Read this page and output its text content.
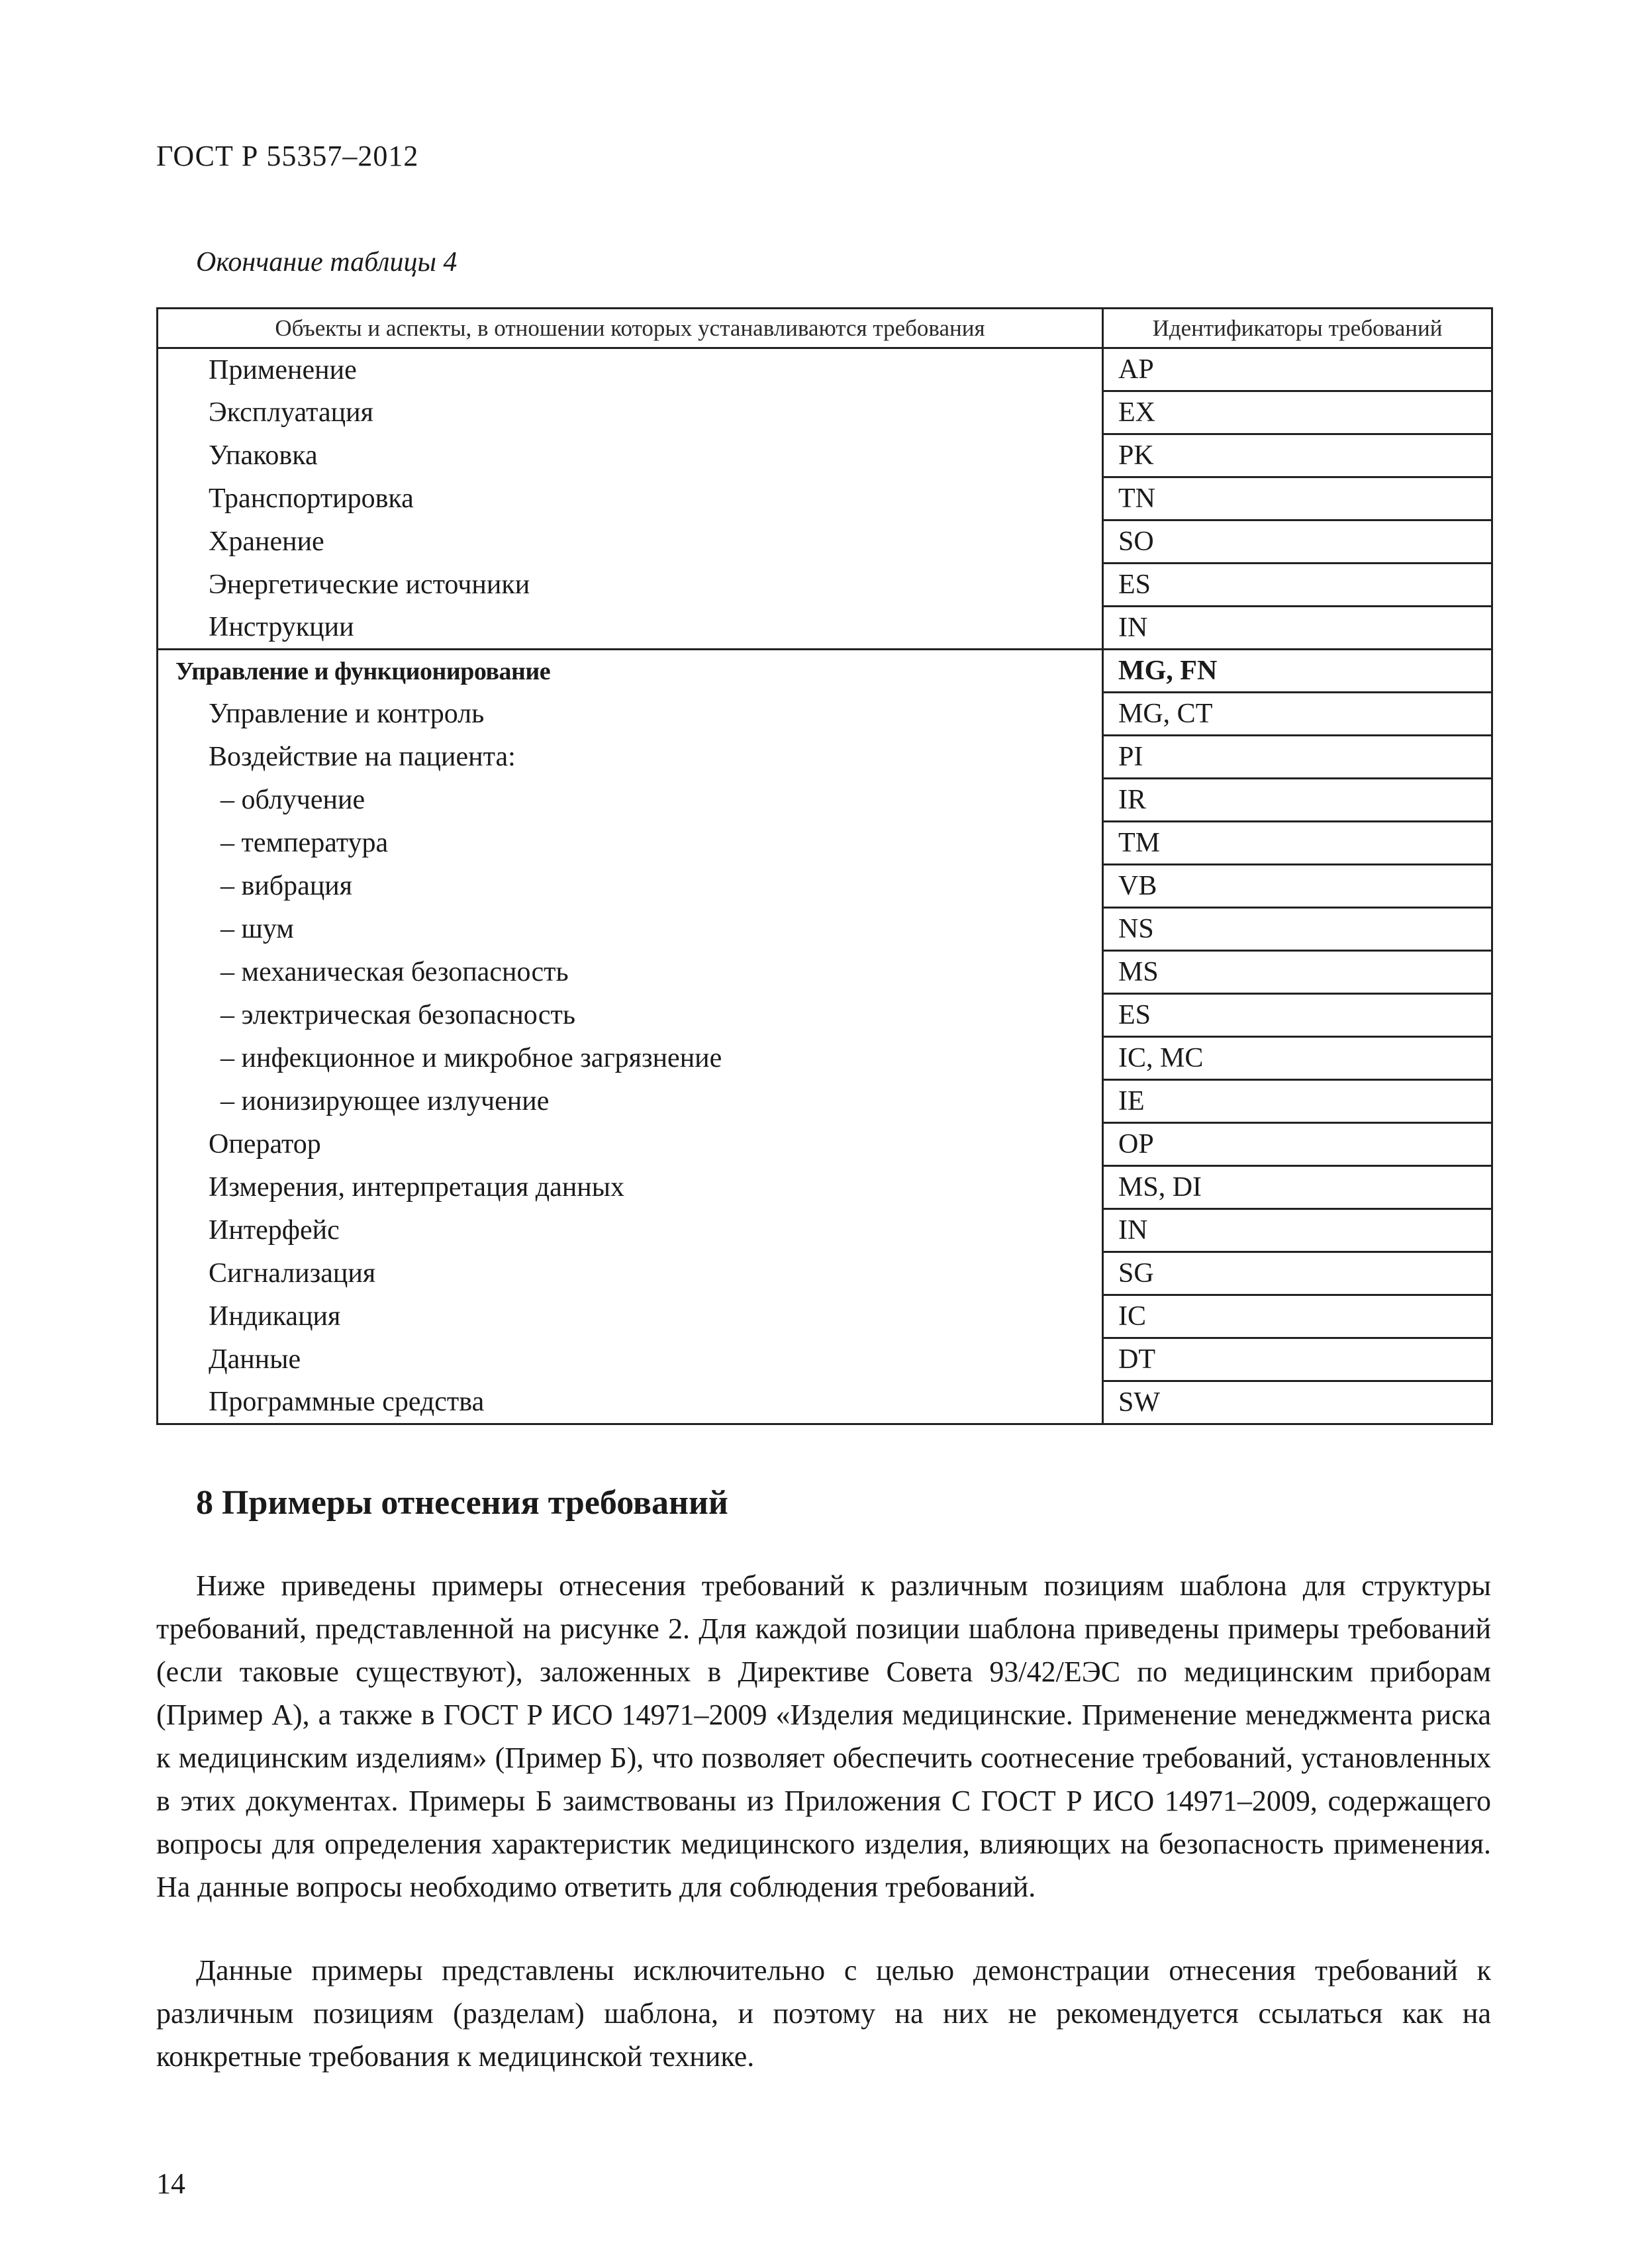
ГОСТ Р 55357–2012
Окончание таблицы 4
Объекты и аспекты, в отношении которых устанавливаются требования	Идентификаторы требований
Применение	AP
Эксплуатация	EX
Упаковка	PK
Транспортировка	TN
Хранение	SO
Энергетические источники	ES
Инструкции	IN
Управление и функционирование	MG, FN
Управление и контроль	MG, CT
Воздействие на пациента:	PI
– облучение	IR
– температура	TM
– вибрация	VB
– шум	NS
– механическая безопасность	MS
– электрическая безопасность	ES
– инфекционное и микробное загрязнение	IC, MC
– ионизирующее излучение	IE
Оператор	OP
Измерения, интерпретация данных	MS, DI
Интерфейс	IN
Сигнализация	SG
Индикация	IC
Данные	DT
Программные средства	SW
8 Примеры отнесения требований

Ниже приведены примеры отнесения требований к различным позициям шаблона для структуры требований, представленной на рисунке 2. Для каждой позиции шаблона приведены примеры требований (если таковые существуют), заложенных в Директиве Совета 93/42/ЕЭС по медицинским приборам (Пример А), а также в ГОСТ Р ИСО 14971–2009 «Изделия медицинские. Применение менеджмента риска к медицинским изделиям» (Пример Б), что позволяет обеспечить соотнесение требований, установленных в этих документах. Примеры Б заимствованы из Приложения С ГОСТ Р ИСО 14971–2009, содержащего вопросы для определения характеристик медицинского изделия, влияющих на безопасность применения. На данные вопросы необходимо ответить для соблюдения требований.

Данные примеры представлены исключительно с целью демонстрации отнесения требований к различным позициям (разделам) шаблона, и поэтому на них не рекомендуется ссылаться как на конкретные требования к медицинской технике.

14
